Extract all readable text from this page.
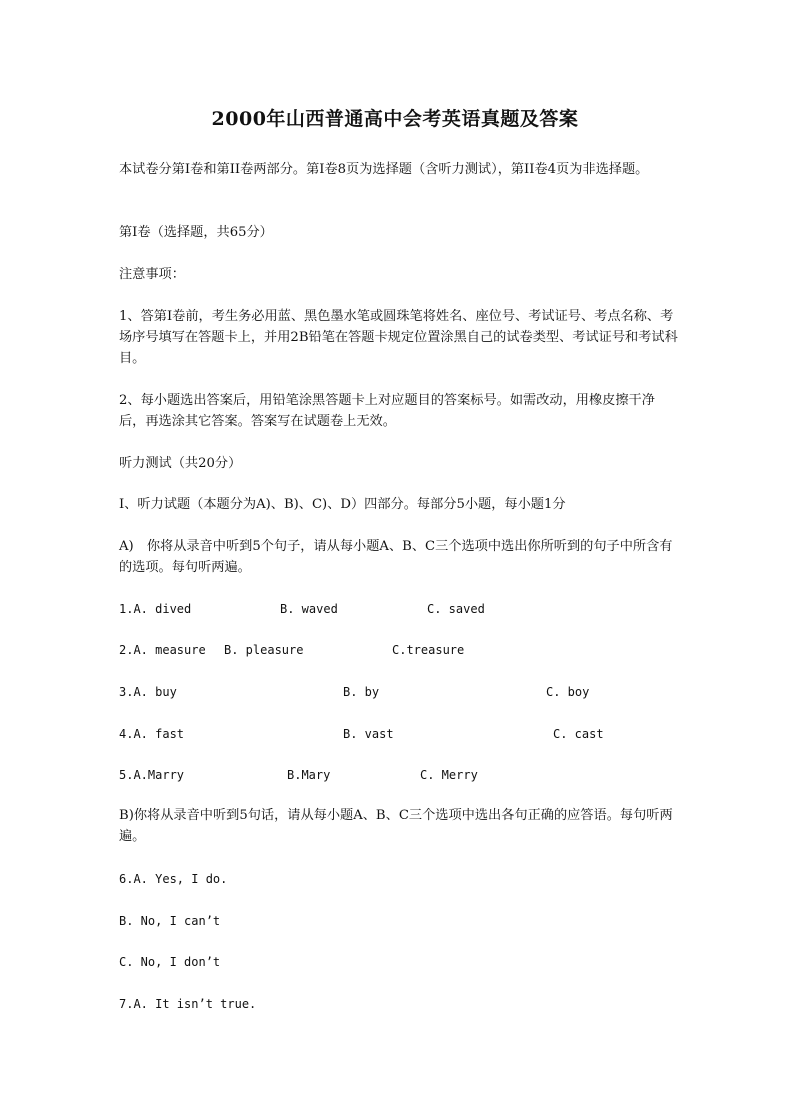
2000年山西普通高中会考英语真题及答案
本试卷分第I卷和第II卷两部分。第I卷8页为选择题（含听力测试），第II卷4页为非选择题。
第I卷（选择题，共65分）
注意事项：
1、答第I卷前，考生务必用蓝、黑色墨水笔或圆珠笔将姓名、座位号、考试证号、考点名称、考场序号填写在答题卡上，并用2B铅笔在答题卡规定位置涂黑自己的试卷类型、考试证号和考试科目。
2、每小题选出答案后，用铅笔涂黑答题卡上对应题目的答案标号。如需改动，用橡皮擦干净后，再选涂其它答案。答案写在试题卷上无效。
听力测试（共20分）
I、听力试题（本题分为A)、B)、C)、D）四部分。每部分5小题，每小题1分
A)　你将从录音中听到5个句子，请从每小题A、B、C三个选项中选出你所听到的句子中所含有的选项。每句听两遍。
1.A. dived	B. waved	C. saved
2.A. measure B. pleasure	C.treasure
3.A. buy	B. by	C. boy
4.A. fast	B. vast	C. cast
5.A.Marry	B.Mary	C. Merry
B)你将从录音中听到5句话，请从每小题A、B、C三个选项中选出各句正确的应答语。每句听两遍。
6.A. Yes, I do.
B. No, I can’t
C. No, I don’t
7.A. It isn’t true.
